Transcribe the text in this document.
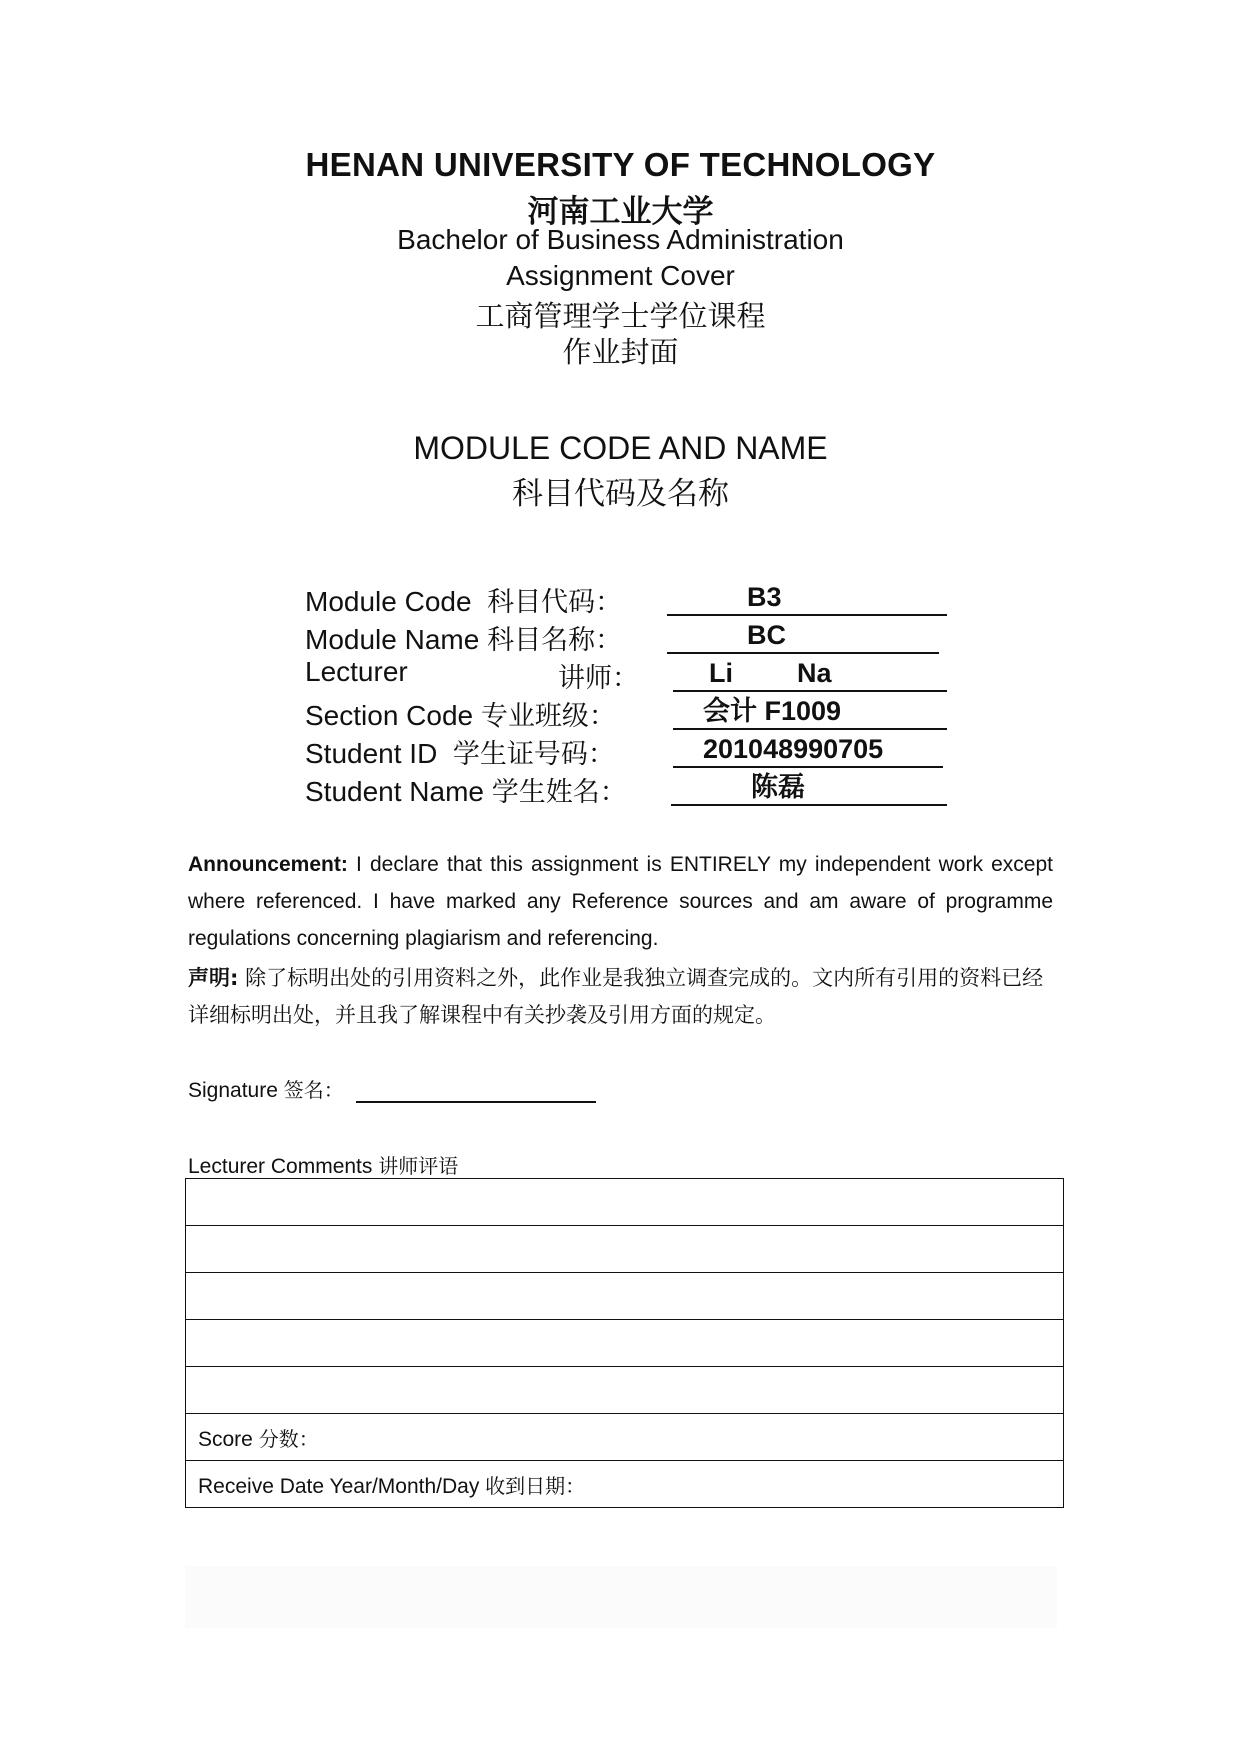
HENAN UNIVERSITY OF TECHNOLOGY
河南工业大学
Bachelor of Business Administration
Assignment Cover
工商管理学士学位课程
作业封面
MODULE CODE AND NAME
科目代码及名称
Module Code 科目代码：	B3
Module Name 科目名称：	BC
Lecturer	讲师：	Li Na
Section Code 专业班级：	会计 F1009
Student ID 学生证号码：	201048990705
Student Name 学生姓名：	陈磊
Announcement: I declare that this assignment is ENTIRELY my independent work except where referenced. I have marked any Reference sources and am aware of programme regulations concerning plagiarism and referencing.
声明: 除了标明出处的引用资料之外，此作业是我独立调查完成的。文内所有引用的资料已经详细标明出处，并且我了解课程中有关抄袭及引用方面的规定。
Signature 签名：
Lecturer Comments 讲师评语

Score 分数：
Receive Date Year/Month/Day 收到日期：
